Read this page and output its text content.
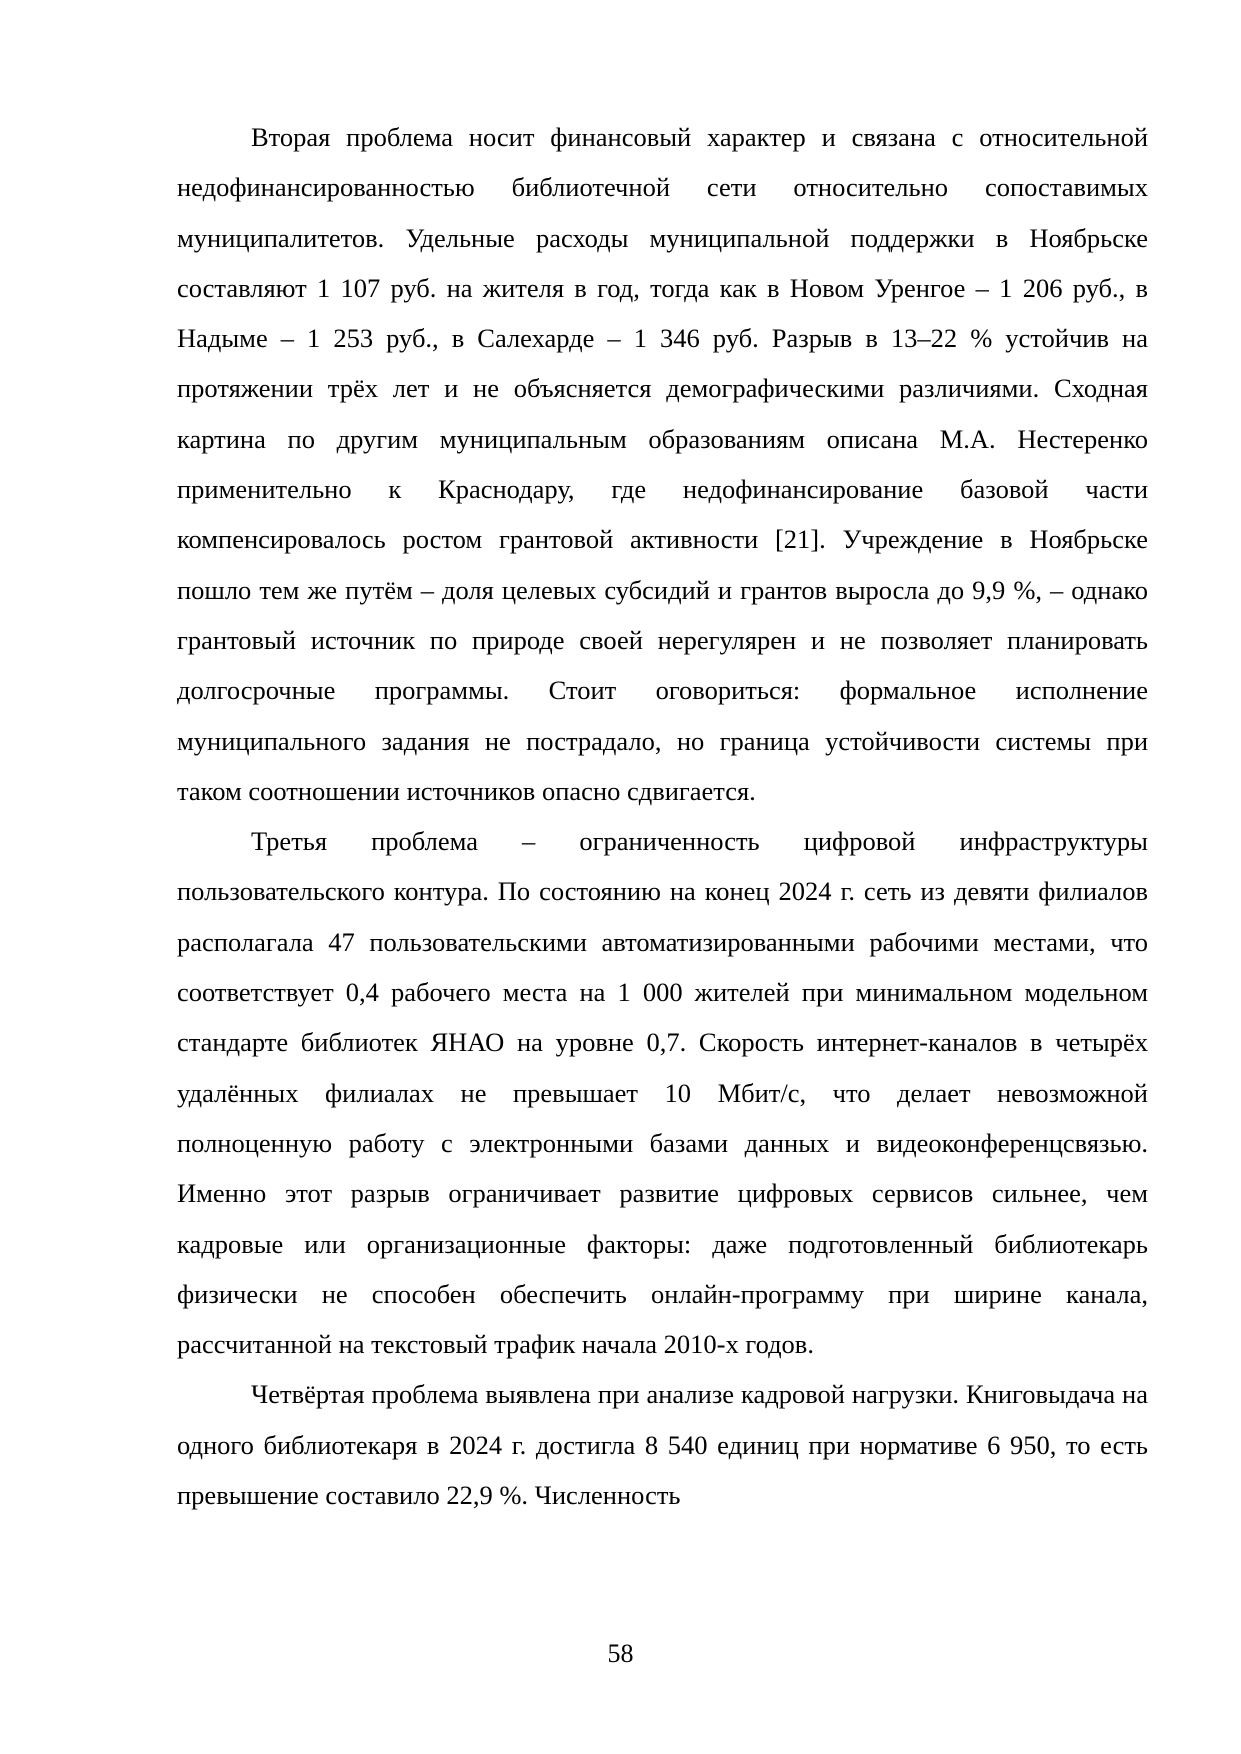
Вторая проблема носит финансовый характер и связана с относительной недофинансированностью библиотечной сети относительно сопоставимых муниципалитетов. Удельные расходы муниципальной поддержки в Ноябрьске составляют 1 107 руб. на жителя в год, тогда как в Новом Уренгое – 1 206 руб., в Надыме – 1 253 руб., в Салехарде – 1 346 руб. Разрыв в 13–22 % устойчив на протяжении трёх лет и не объясняется демографическими различиями. Сходная картина по другим муниципальным образованиям описана М.А. Нестеренко применительно к Краснодару, где недофинансирование базовой части компенсировалось ростом грантовой активности [21]. Учреждение в Ноябрьске пошло тем же путём – доля целевых субсидий и грантов выросла до 9,9 %, – однако грантовый источник по природе своей нерегулярен и не позволяет планировать долгосрочные программы. Стоит оговориться: формальное исполнение муниципального задания не пострадало, но граница устойчивости системы при таком соотношении источников опасно сдвигается.

Третья проблема – ограниченность цифровой инфраструктуры пользовательского контура. По состоянию на конец 2024 г. сеть из девяти филиалов располагала 47 пользовательскими автоматизированными рабочими местами, что соответствует 0,4 рабочего места на 1 000 жителей при минимальном модельном стандарте библиотек ЯНАО на уровне 0,7. Скорость интернет-каналов в четырёх удалённых филиалах не превышает 10 Мбит/с, что делает невозможной полноценную работу с электронными базами данных и видеоконференцсвязью. Именно этот разрыв ограничивает развитие цифровых сервисов сильнее, чем кадровые или организационные факторы: даже подготовленный библиотекарь физически не способен обеспечить онлайн-программу при ширине канала, рассчитанной на текстовый трафик начала 2010-х годов.

Четвёртая проблема выявлена при анализе кадровой нагрузки. Книговыдача на одного библиотекаря в 2024 г. достигла 8 540 единиц при нормативе 6 950, то есть превышение составило 22,9 %. Численность

58
